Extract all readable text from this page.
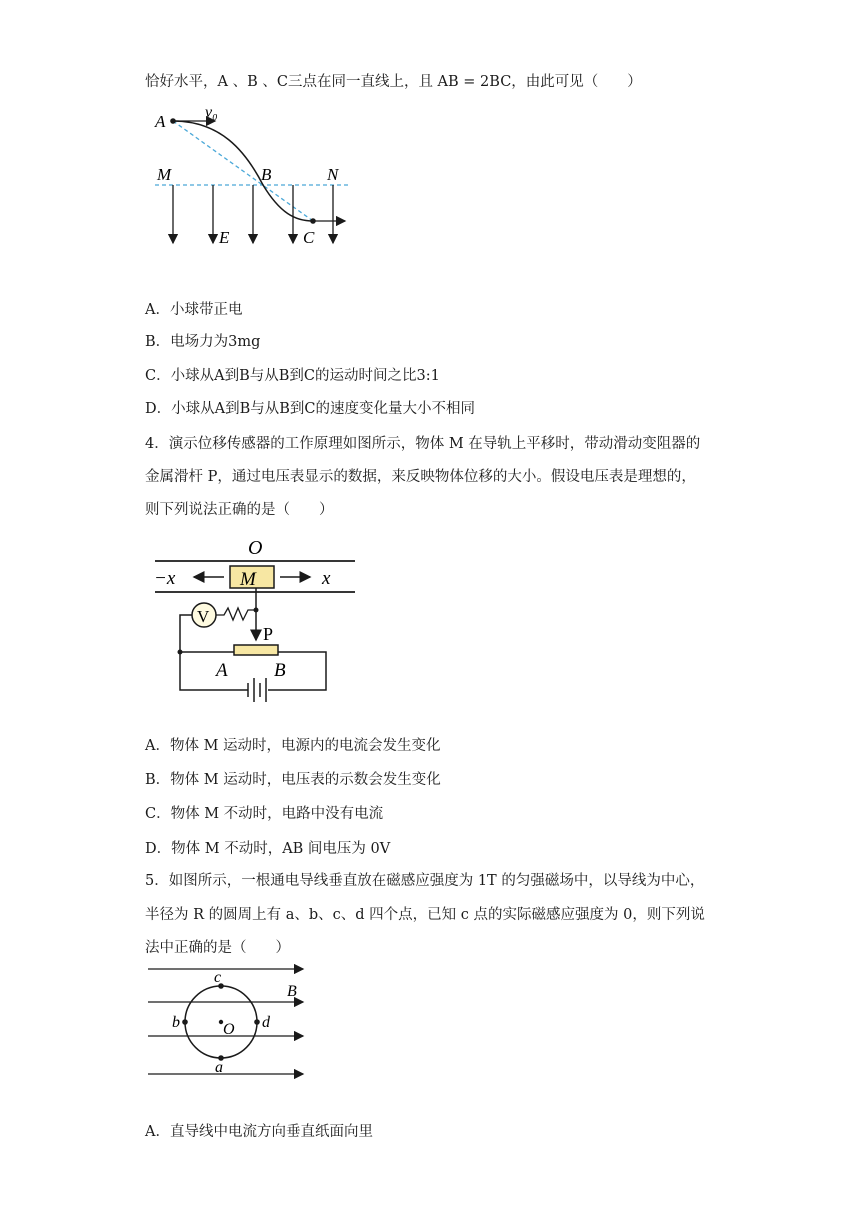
恰好水平，A 、B 、C三点在同一直线上，且 AB = 2BC，由此可见（　　）
A v₀
M	B	N
E	C
A．小球带正电
B．电场力为3mg
C．小球从A到B与从B到C的运动时间之比3:1
D．小球从A到B与从B到C的速度变化量大小不相同
4．演示位移传感器的工作原理如图所示，物体 M 在导轨上平移时，带动滑动变阻器的
金属滑杆 P，通过电压表显示的数据，来反映物体位移的大小。假设电压表是理想的，
则下列说法正确的是（　　）
O
−x	M	x
V
P
A B
A．物体 M 运动时，电源内的电流会发生变化
B．物体 M 运动时，电压表的示数会发生变化
C．物体 M 不动时，电路中没有电流
D．物体 M 不动时，AB 间电压为 0V
5．如图所示，一根通电导线垂直放在磁感应强度为 1T 的匀强磁场中，以导线为中心，
半径为 R 的圆周上有 a、b、c、d 四个点，已知 c 点的实际磁感应强度为 0，则下列说
法中正确的是（　　）
c
B
b	O d
a
A．直导线中电流方向垂直纸面向里
